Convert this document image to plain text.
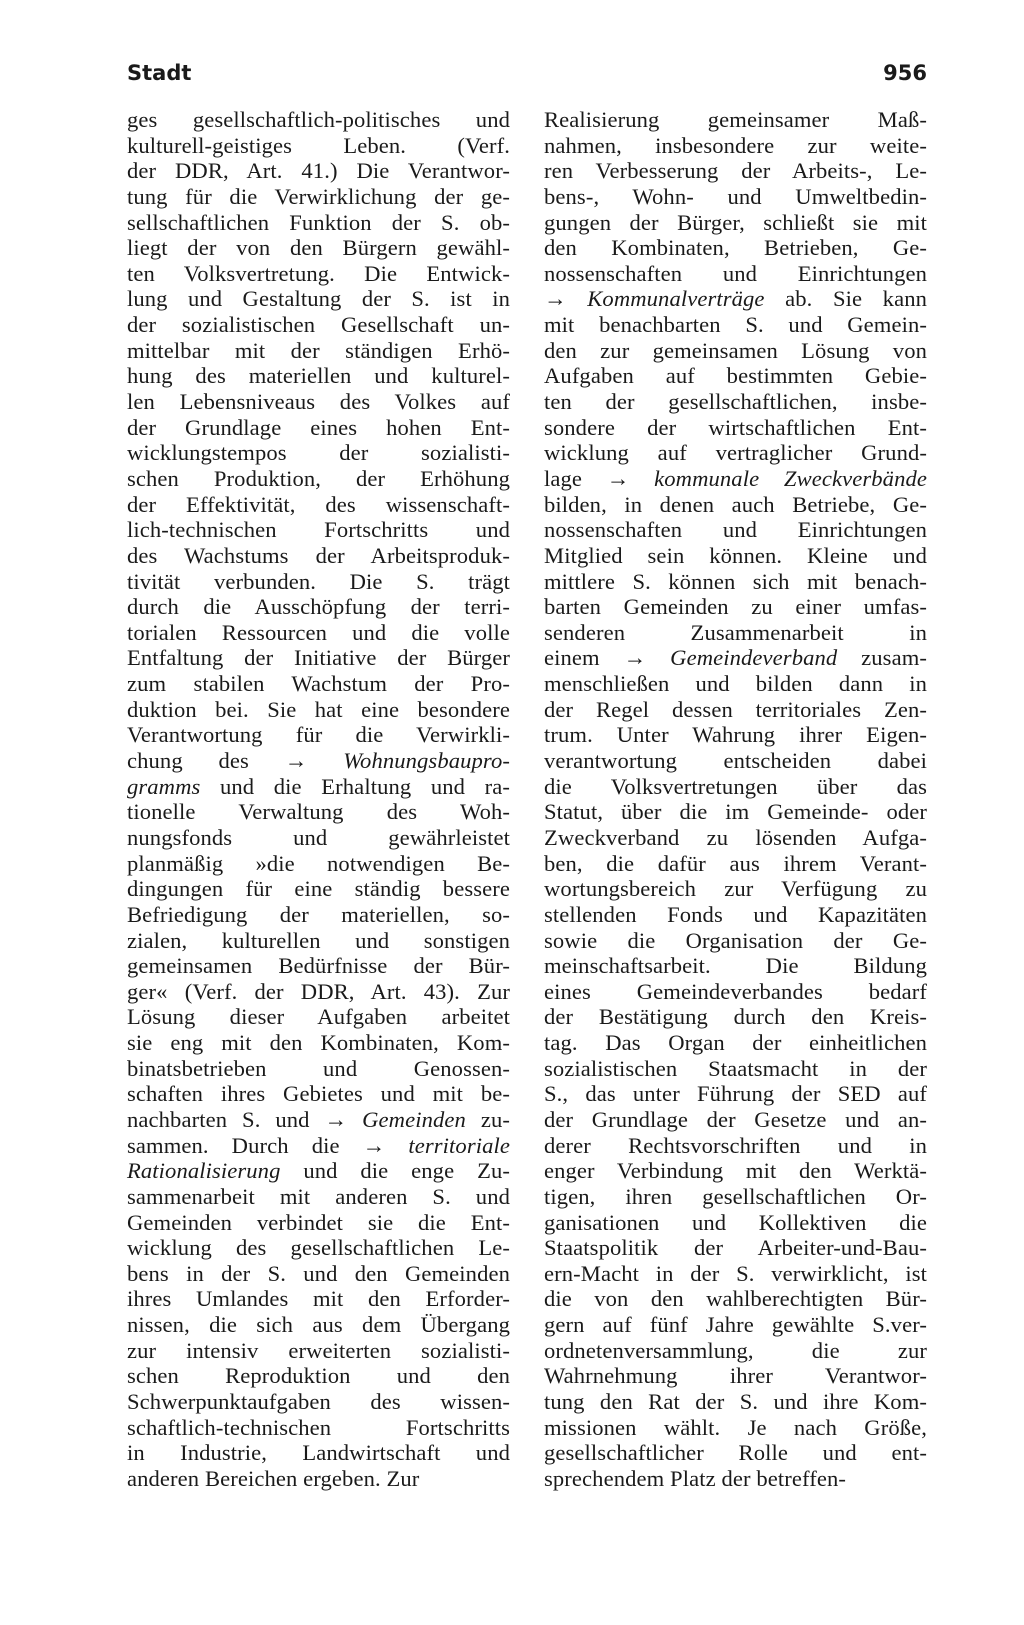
Stadt	956
ges gesellschaftlich-politisches und
kulturell-geistiges Leben. (Verf.
der DDR, Art. 41.) Die Verantwor-
tung für die Verwirklichung der ge-
sellschaftlichen Funktion der S. ob-
liegt der von den Bürgern gewähl-
ten Volksvertretung. Die Entwick-
lung und Gestaltung der S. ist in
der sozialistischen Gesellschaft un-
mittelbar mit der ständigen Erhö-
hung des materiellen und kulturel-
len Lebensniveaus des Volkes auf
der Grundlage eines hohen Ent-
wicklungstempos der sozialisti-
schen Produktion, der Erhöhung
der Effektivität, des wissenschaft-
lich-technischen Fortschritts und
des Wachstums der Arbeitsproduk-
tivität verbunden. Die S. trägt
durch die Ausschöpfung der terri-
torialen Ressourcen und die volle
Entfaltung der Initiative der Bürger
zum stabilen Wachstum der Pro-
duktion bei. Sie hat eine besondere
Verantwortung für die Verwirkli-
chung des → Wohnungsbaupro-
gramms und die Erhaltung und ra-
tionelle Verwaltung des Woh-
nungsfonds und gewährleistet
planmäßig »die notwendigen Be-
dingungen für eine ständig bessere
Befriedigung der materiellen, so-
zialen, kulturellen und sonstigen
gemeinsamen Bedürfnisse der Bür-
ger« (Verf. der DDR, Art. 43). Zur
Lösung dieser Aufgaben arbeitet
sie eng mit den Kombinaten, Kom-
binatsbetrieben und Genossen-
schaften ihres Gebietes und mit be-
nachbarten S. und → Gemeinden zu-
sammen. Durch die → territoriale
Rationalisierung und die enge Zu-
sammenarbeit mit anderen S. und
Gemeinden verbindet sie die Ent-
wicklung des gesellschaftlichen Le-
bens in der S. und den Gemeinden
ihres Umlandes mit den Erforder-
nissen, die sich aus dem Übergang
zur intensiv erweiterten sozialisti-
schen Reproduktion und den
Schwerpunktaufgaben des wissen-
schaftlich-technischen Fortschritts
in Industrie, Landwirtschaft und
anderen Bereichen ergeben. Zur
Realisierung gemeinsamer Maß-
nahmen, insbesondere zur weite-
ren Verbesserung der Arbeits-, Le-
bens-, Wohn- und Umweltbedin-
gungen der Bürger, schließt sie mit
den Kombinaten, Betrieben, Ge-
nossenschaften und Einrichtungen
→ Kommunalverträge ab. Sie kann
mit benachbarten S. und Gemein-
den zur gemeinsamen Lösung von
Aufgaben auf bestimmten Gebie-
ten der gesellschaftlichen, insbe-
sondere der wirtschaftlichen Ent-
wicklung auf vertraglicher Grund-
lage → kommunale Zweckverbände
bilden, in denen auch Betriebe, Ge-
nossenschaften und Einrichtungen
Mitglied sein können. Kleine und
mittlere S. können sich mit benach-
barten Gemeinden zu einer umfas-
senderen Zusammenarbeit in
einem → Gemeindeverband zusam-
menschließen und bilden dann in
der Regel dessen territoriales Zen-
trum. Unter Wahrung ihrer Eigen-
verantwortung entscheiden dabei
die Volksvertretungen über das
Statut, über die im Gemeinde- oder
Zweckverband zu lösenden Aufga-
ben, die dafür aus ihrem Verant-
wortungsbereich zur Verfügung zu
stellenden Fonds und Kapazitäten
sowie die Organisation der Ge-
meinschaftsarbeit. Die Bildung
eines Gemeindeverbandes bedarf
der Bestätigung durch den Kreis-
tag. Das Organ der einheitlichen
sozialistischen Staatsmacht in der
S., das unter Führung der SED auf
der Grundlage der Gesetze und an-
derer Rechtsvorschriften und in
enger Verbindung mit den Werktä-
tigen, ihren gesellschaftlichen Or-
ganisationen und Kollektiven die
Staatspolitik der Arbeiter-und-Bau-
ern-Macht in der S. verwirklicht, ist
die von den wahlberechtigten Bür-
gern auf fünf Jahre gewählte S.ver-
ordnetenversammlung, die zur
Wahrnehmung ihrer Verantwor-
tung den Rat der S. und ihre Kom-
missionen wählt. Je nach Größe,
gesellschaftlicher Rolle und ent-
sprechendem Platz der betreffen-
